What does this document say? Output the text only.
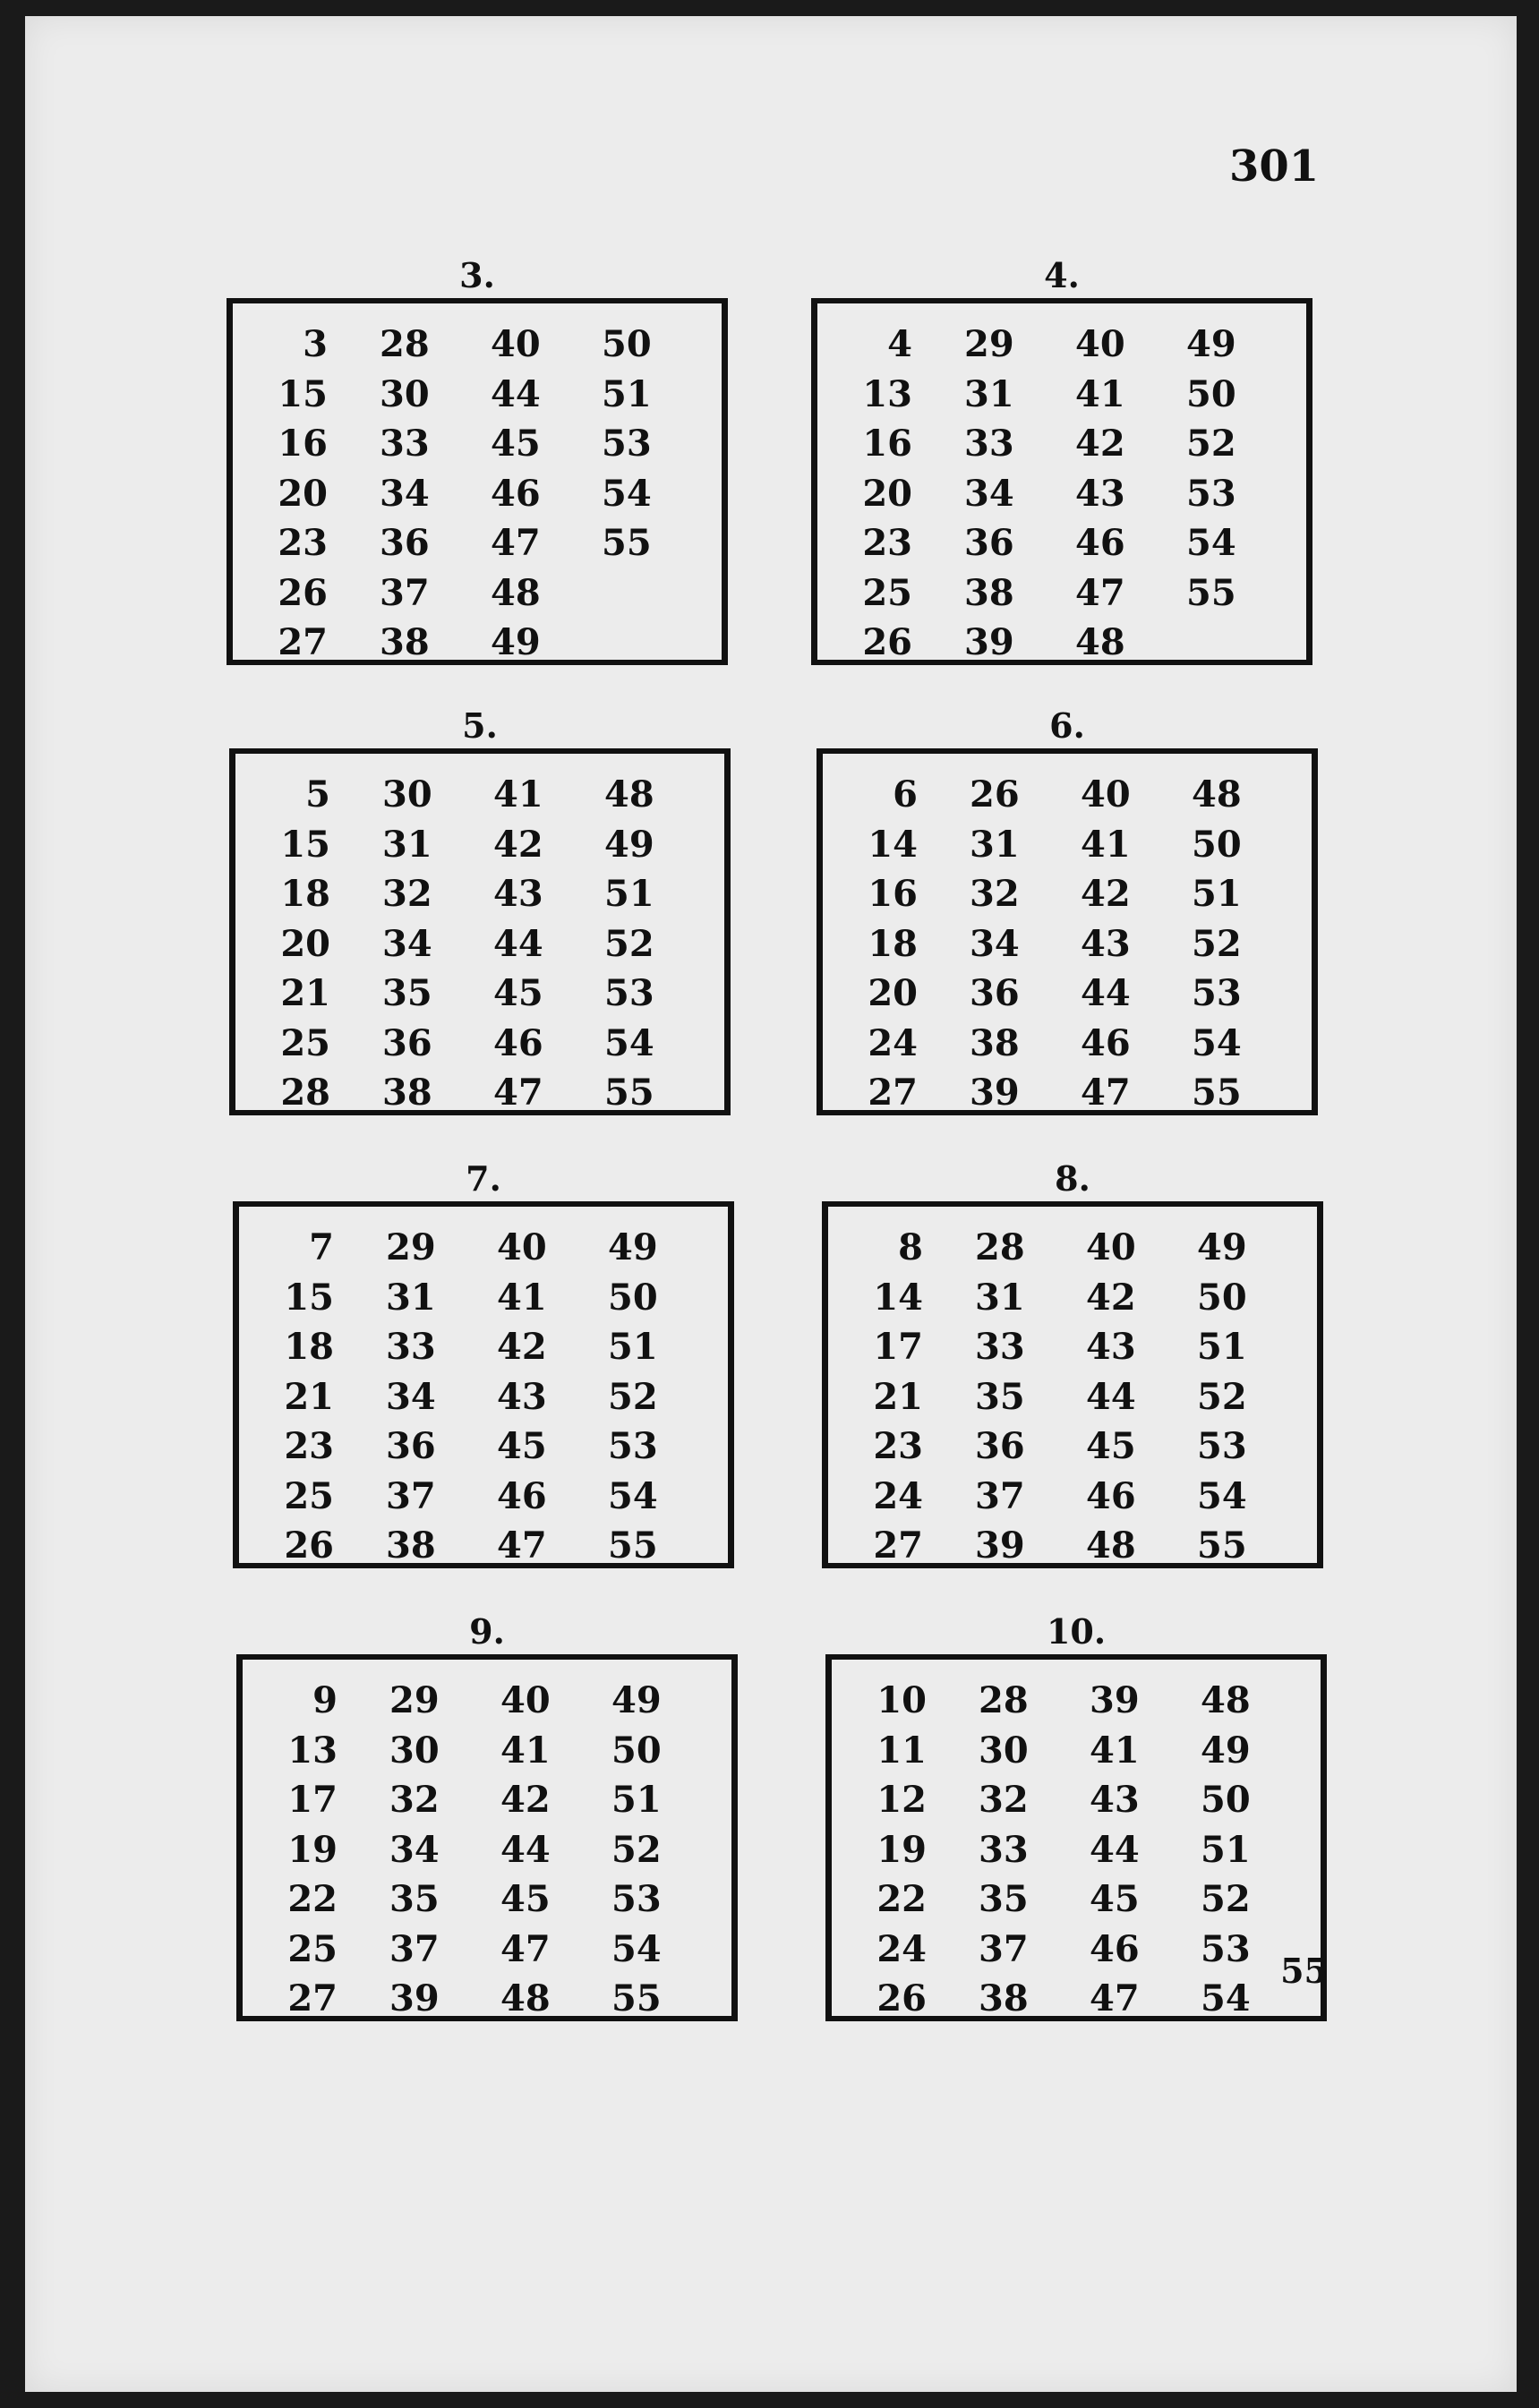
301
3.
3	28	40	50
15	30	44	51
16	33	45	53
20	34	46	54
23	36	47	55
26	37	48	
27	38	49	
4.
4	29	40	49
13	31	41	50
16	33	42	52
20	34	43	53
23	36	46	54
25	38	47	55
26	39	48	
5.
5	30	41	48
15	31	42	49
18	32	43	51
20	34	44	52
21	35	45	53
25	36	46	54
28	38	47	55
6.
6	26	40	48
14	31	41	50
16	32	42	51
18	34	43	52
20	36	44	53
24	38	46	54
27	39	47	55
7.
7	29	40	49
15	31	41	50
18	33	42	51
21	34	43	52
23	36	45	53
25	37	46	54
26	38	47	55
8.
8	28	40	49
14	31	42	50
17	33	43	51
21	35	44	52
23	36	45	53
24	37	46	54
27	39	48	55
9.
9	29	40	49
13	30	41	50
17	32	42	51
19	34	44	52
22	35	45	53
25	37	47	54
27	39	48	55
10.
10	28	39	48
11	30	41	49
12	32	43	50
19	33	44	51
22	35	45	52
24	37	46	53
26	38	47	54
55
